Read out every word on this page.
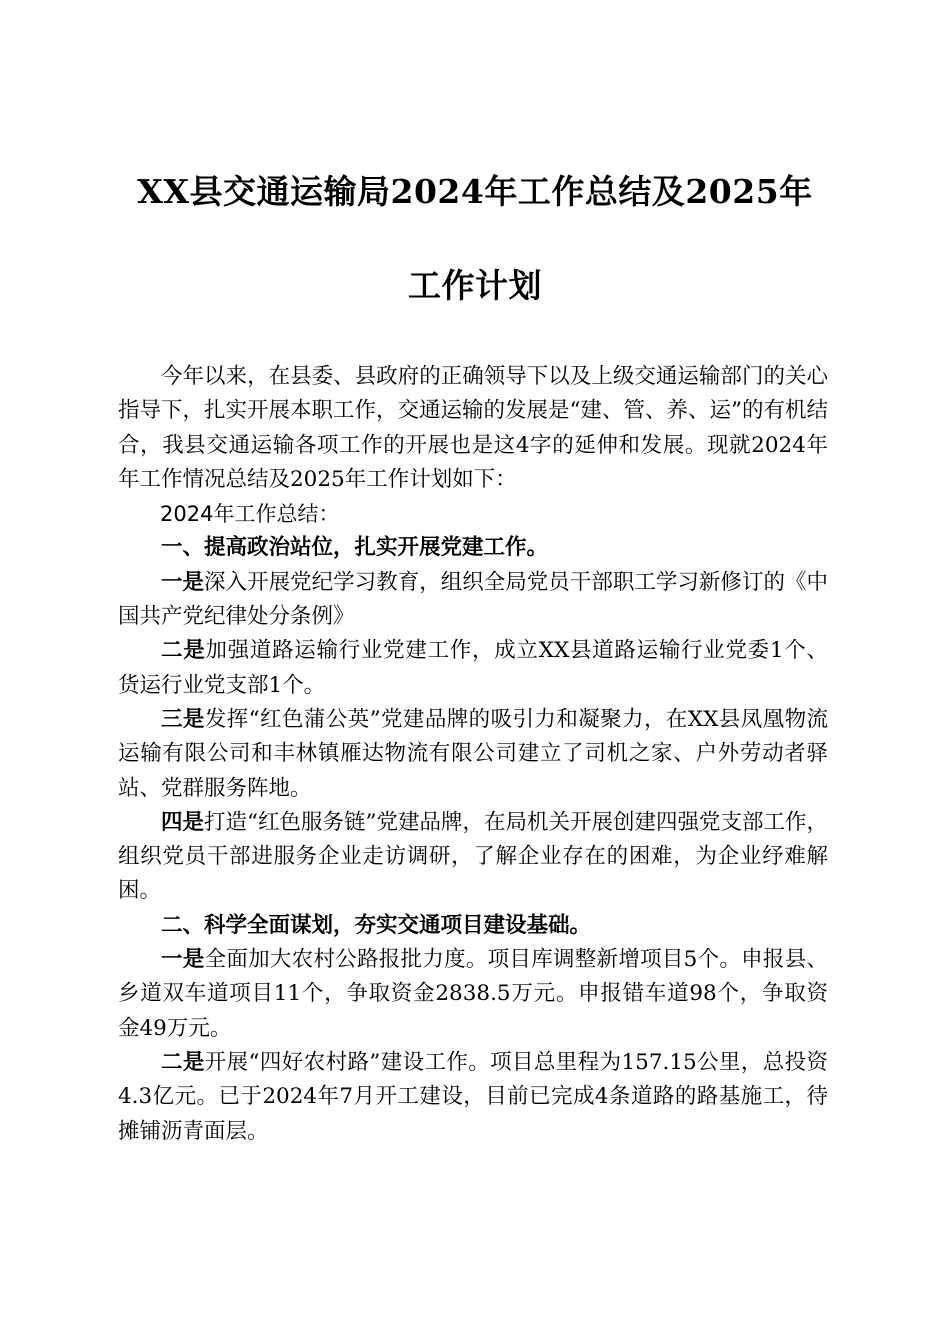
XX县交通运输局2024年工作总结及2025年
工作计划

今年以来，在县委、县政府的正确领导下以及上级交通运输部门的关心指导下，扎实开展本职工作，交通运输的发展是“建、管、养、运”的有机结合，我县交通运输各项工作的开展也是这4字的延伸和发展。现就2024年年工作情况总结及2025年工作计划如下：

2024年工作总结：

一、提高政治站位，扎实开展党建工作。

一是深入开展党纪学习教育，组织全局党员干部职工学习新修订的《中国共产党纪律处分条例》

二是加强道路运输行业党建工作，成立XX县道路运输行业党委1个、货运行业党支部1个。

三是发挥“红色蒲公英”党建品牌的吸引力和凝聚力，在XX县凤凰物流运输有限公司和丰林镇雁达物流有限公司建立了司机之家、户外劳动者驿站、党群服务阵地。

四是打造“红色服务链”党建品牌，在局机关开展创建四强党支部工作，组织党员干部进服务企业走访调研，了解企业存在的困难，为企业纾难解困。

二、科学全面谋划，夯实交通项目建设基础。

一是全面加大农村公路报批力度。项目库调整新增项目5个。申报县、乡道双车道项目11个，争取资金2838.5万元。申报错车道98个，争取资金49万元。

二是开展“四好农村路”建设工作。项目总里程为157.15公里，总投资4.3亿元。已于2024年7月开工建设，目前已完成4条道路的路基施工，待摊铺沥青面层。
